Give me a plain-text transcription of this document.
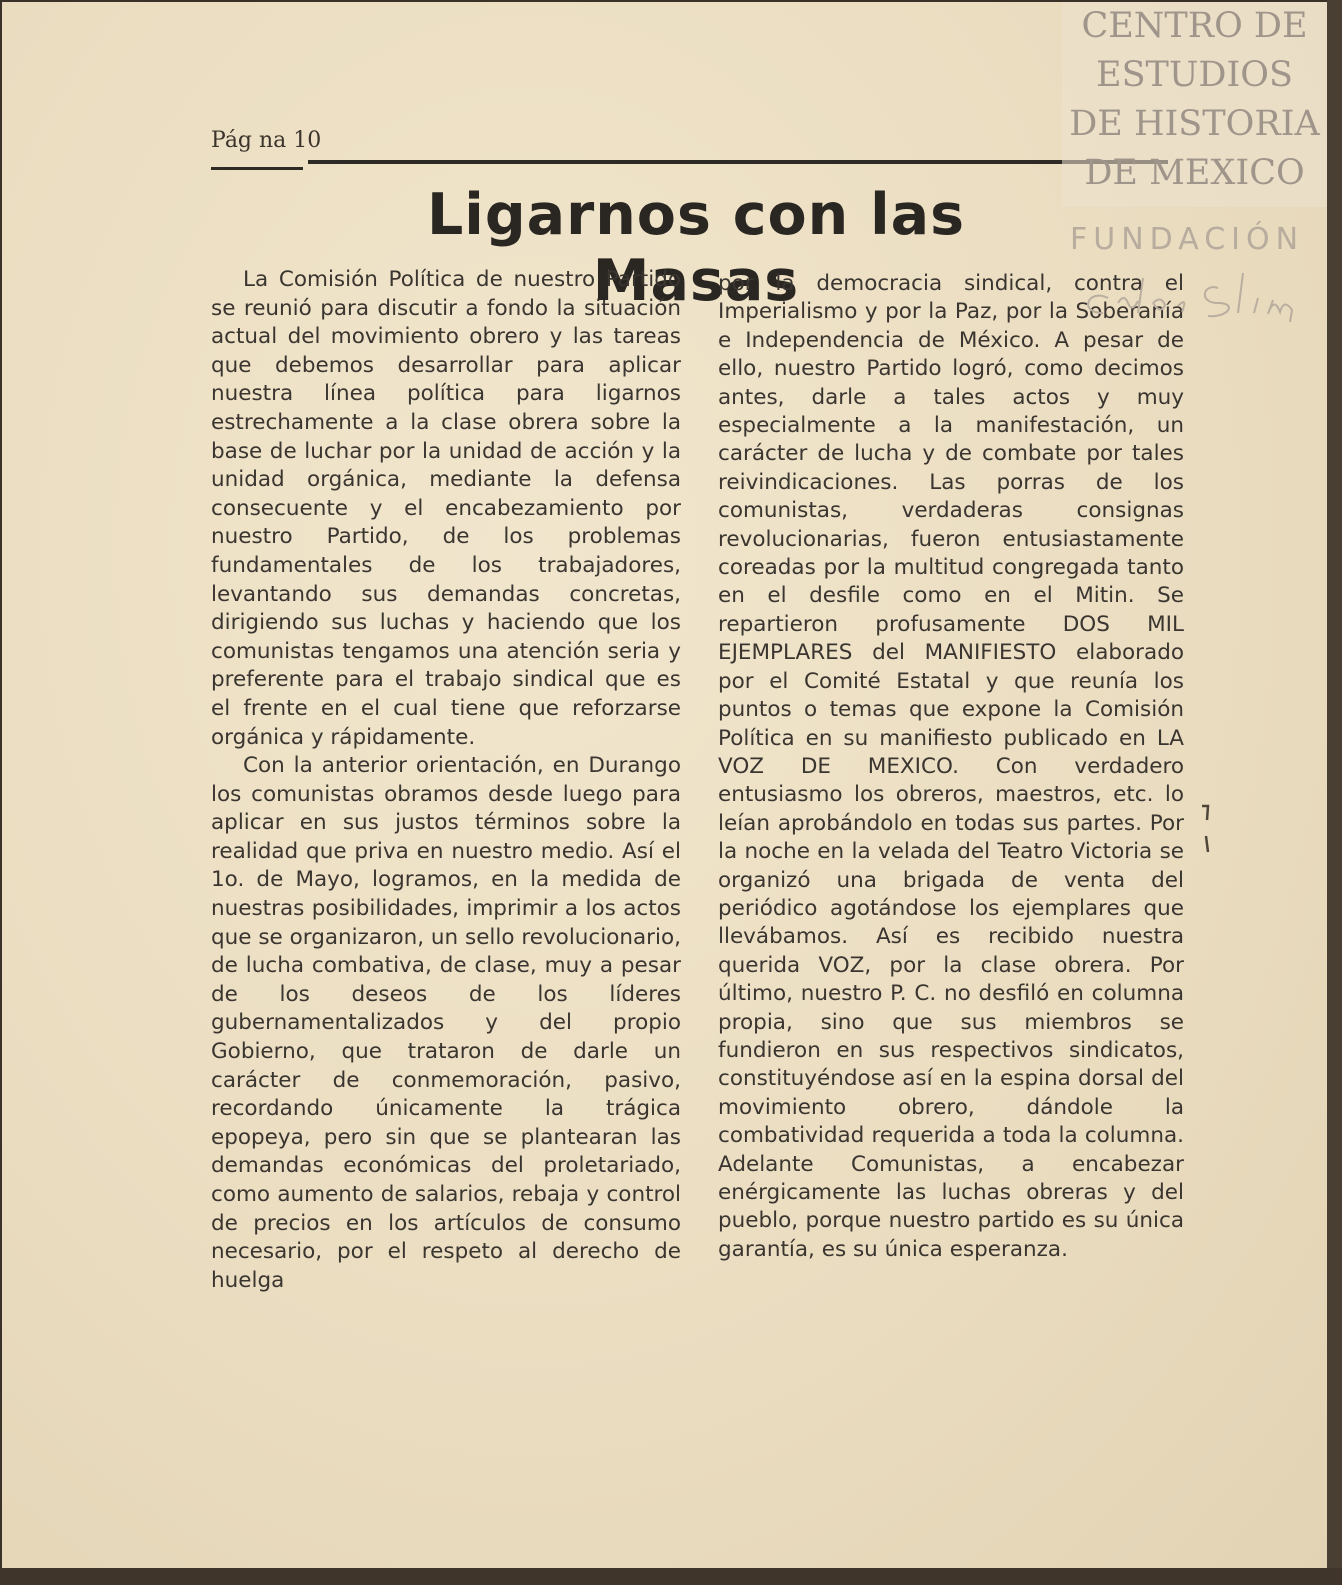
Pág na 10
Ligarnos con las Masas

La Comisión Política de nuestro Partido se reunió para discutir a fondo la situación actual del movimiento obrero y las tareas que debemos desarrollar para aplicar nuestra línea política para ligarnos estrechamente a la clase obrera sobre la base de luchar por la unidad de acción y la unidad orgánica, mediante la defensa consecuente y el encabezamiento por nuestro Partido, de los problemas fundamentales de los trabajadores, levantando sus demandas concretas, dirigiendo sus luchas y haciendo que los comunistas tengamos una atención seria y preferente para el trabajo sindical que es el frente en el cual tiene que reforzarse orgánica y rápidamente.

Con la anterior orientación, en Durango los comunistas obramos desde luego para aplicar en sus justos términos sobre la realidad que priva en nuestro medio. Así el 1o. de Mayo, logramos, en la medida de nuestras posibilidades, imprimir a los actos que se organizaron, un sello revolucionario, de lucha combativa, de clase, muy a pesar de los deseos de los líderes gubernamentalizados y del propio Gobierno, que trataron de darle un carácter de conmemoración, pasivo, recordando únicamente la trágica epopeya, pero sin que se plantearan las demandas económicas del proletariado, como aumento de salarios, rebaja y control de precios en los artículos de consumo necesario, por el respeto al derecho de huelga

por la democracia sindical, contra el Imperialismo y por la Paz, por la Soberanía e Independencia de México. A pesar de ello, nuestro Partido logró, como decimos antes, darle a tales actos y muy especialmente a la manifestación, un carácter de lucha y de combate por tales reivindicaciones. Las porras de los comunistas, verdaderas consignas revolucionarias, fueron entusiastamente coreadas por la multitud congregada tanto en el desfile como en el Mitin. Se repartieron profusamente DOS MIL EJEMPLARES del MANIFIESTO elaborado por el Comité Estatal y que reunía los puntos o temas que expone la Comisión Política en su manifiesto publicado en LA VOZ DE MEXICO. Con verdadero entusiasmo los obreros, maestros, etc. lo leían aprobándolo en todas sus partes. Por la noche en la velada del Teatro Victoria se organizó una brigada de venta del periódico agotándose los ejemplares que llevábamos. Así es recibido nuestra querida VOZ, por la clase obrera. Por último, nuestro P. C. no desfiló en columna propia, sino que sus miembros se fundieron en sus respectivos sindicatos, constituyéndose así en la espina dorsal del movimiento obrero, dándole la combatividad requerida a toda la columna. Adelante Comunistas, a encabezar enérgicamente las luchas obreras y del pueblo, porque nuestro partido es su única garantía, es su única esperanza.

CENTRO DE
ESTUDIOS
DE HISTORIA
DE MEXICO
FUNDACIÓN
